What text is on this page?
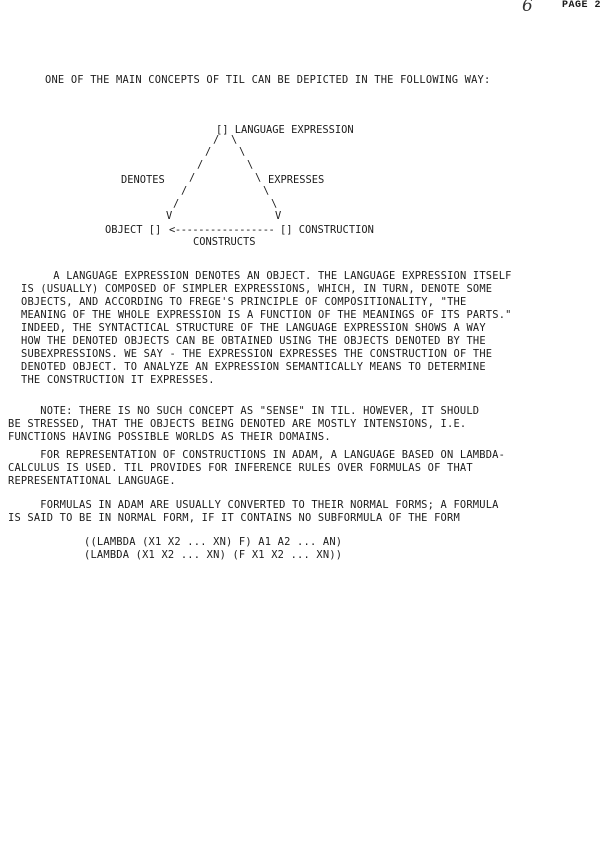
6	PAGE 2
ONE OF THE MAIN CONCEPTS OF TIL CAN BE DEPICTED IN THE FOLLOWING WAY:
[] LANGUAGE EXPRESSION
/
/
/
/
/
/
V
\
\
\
\
\
\
V
DENOTES	EXPRESSES
OBJECT [] <----------------- [] CONSTRUCTION
CONSTRUCTS
A LANGUAGE EXPRESSION DENOTES AN OBJECT. THE LANGUAGE EXPRESSION ITSELF
IS (USUALLY) COMPOSED OF SIMPLER EXPRESSIONS, WHICH, IN TURN, DENOTE SOME
OBJECTS, AND ACCORDING TO FREGE'S PRINCIPLE OF COMPOSITIONALITY, "THE
MEANING OF THE WHOLE EXPRESSION IS A FUNCTION OF THE MEANINGS OF ITS PARTS."
INDEED, THE SYNTACTICAL STRUCTURE OF THE LANGUAGE EXPRESSION SHOWS A WAY
HOW THE DENOTED OBJECTS CAN BE OBTAINED USING THE OBJECTS DENOTED BY THE
SUBEXPRESSIONS. WE SAY - THE EXPRESSION EXPRESSES THE CONSTRUCTION OF THE
DENOTED OBJECT. TO ANALYZE AN EXPRESSION SEMANTICALLY MEANS TO DETERMINE
THE CONSTRUCTION IT EXPRESSES.
NOTE: THERE IS NO SUCH CONCEPT AS "SENSE" IN TIL. HOWEVER, IT SHOULD
BE STRESSED, THAT THE OBJECTS BEING DENOTED ARE MOSTLY INTENSIONS, I.E.
FUNCTIONS HAVING POSSIBLE WORLDS AS THEIR DOMAINS.
FOR REPRESENTATION OF CONSTRUCTIONS IN ADAM, A LANGUAGE BASED ON LAMBDA-
CALCULUS IS USED. TIL PROVIDES FOR INFERENCE RULES OVER FORMULAS OF THAT
REPRESENTATIONAL LANGUAGE.
FORMULAS IN ADAM ARE USUALLY CONVERTED TO THEIR NORMAL FORMS; A FORMULA
IS SAID TO BE IN NORMAL FORM, IF IT CONTAINS NO SUBFORMULA OF THE FORM
((LAMBDA (X1 X2 ... XN) F) A1 A2 ... AN)
(LAMBDA (X1 X2 ... XN) (F X1 X2 ... XN))
